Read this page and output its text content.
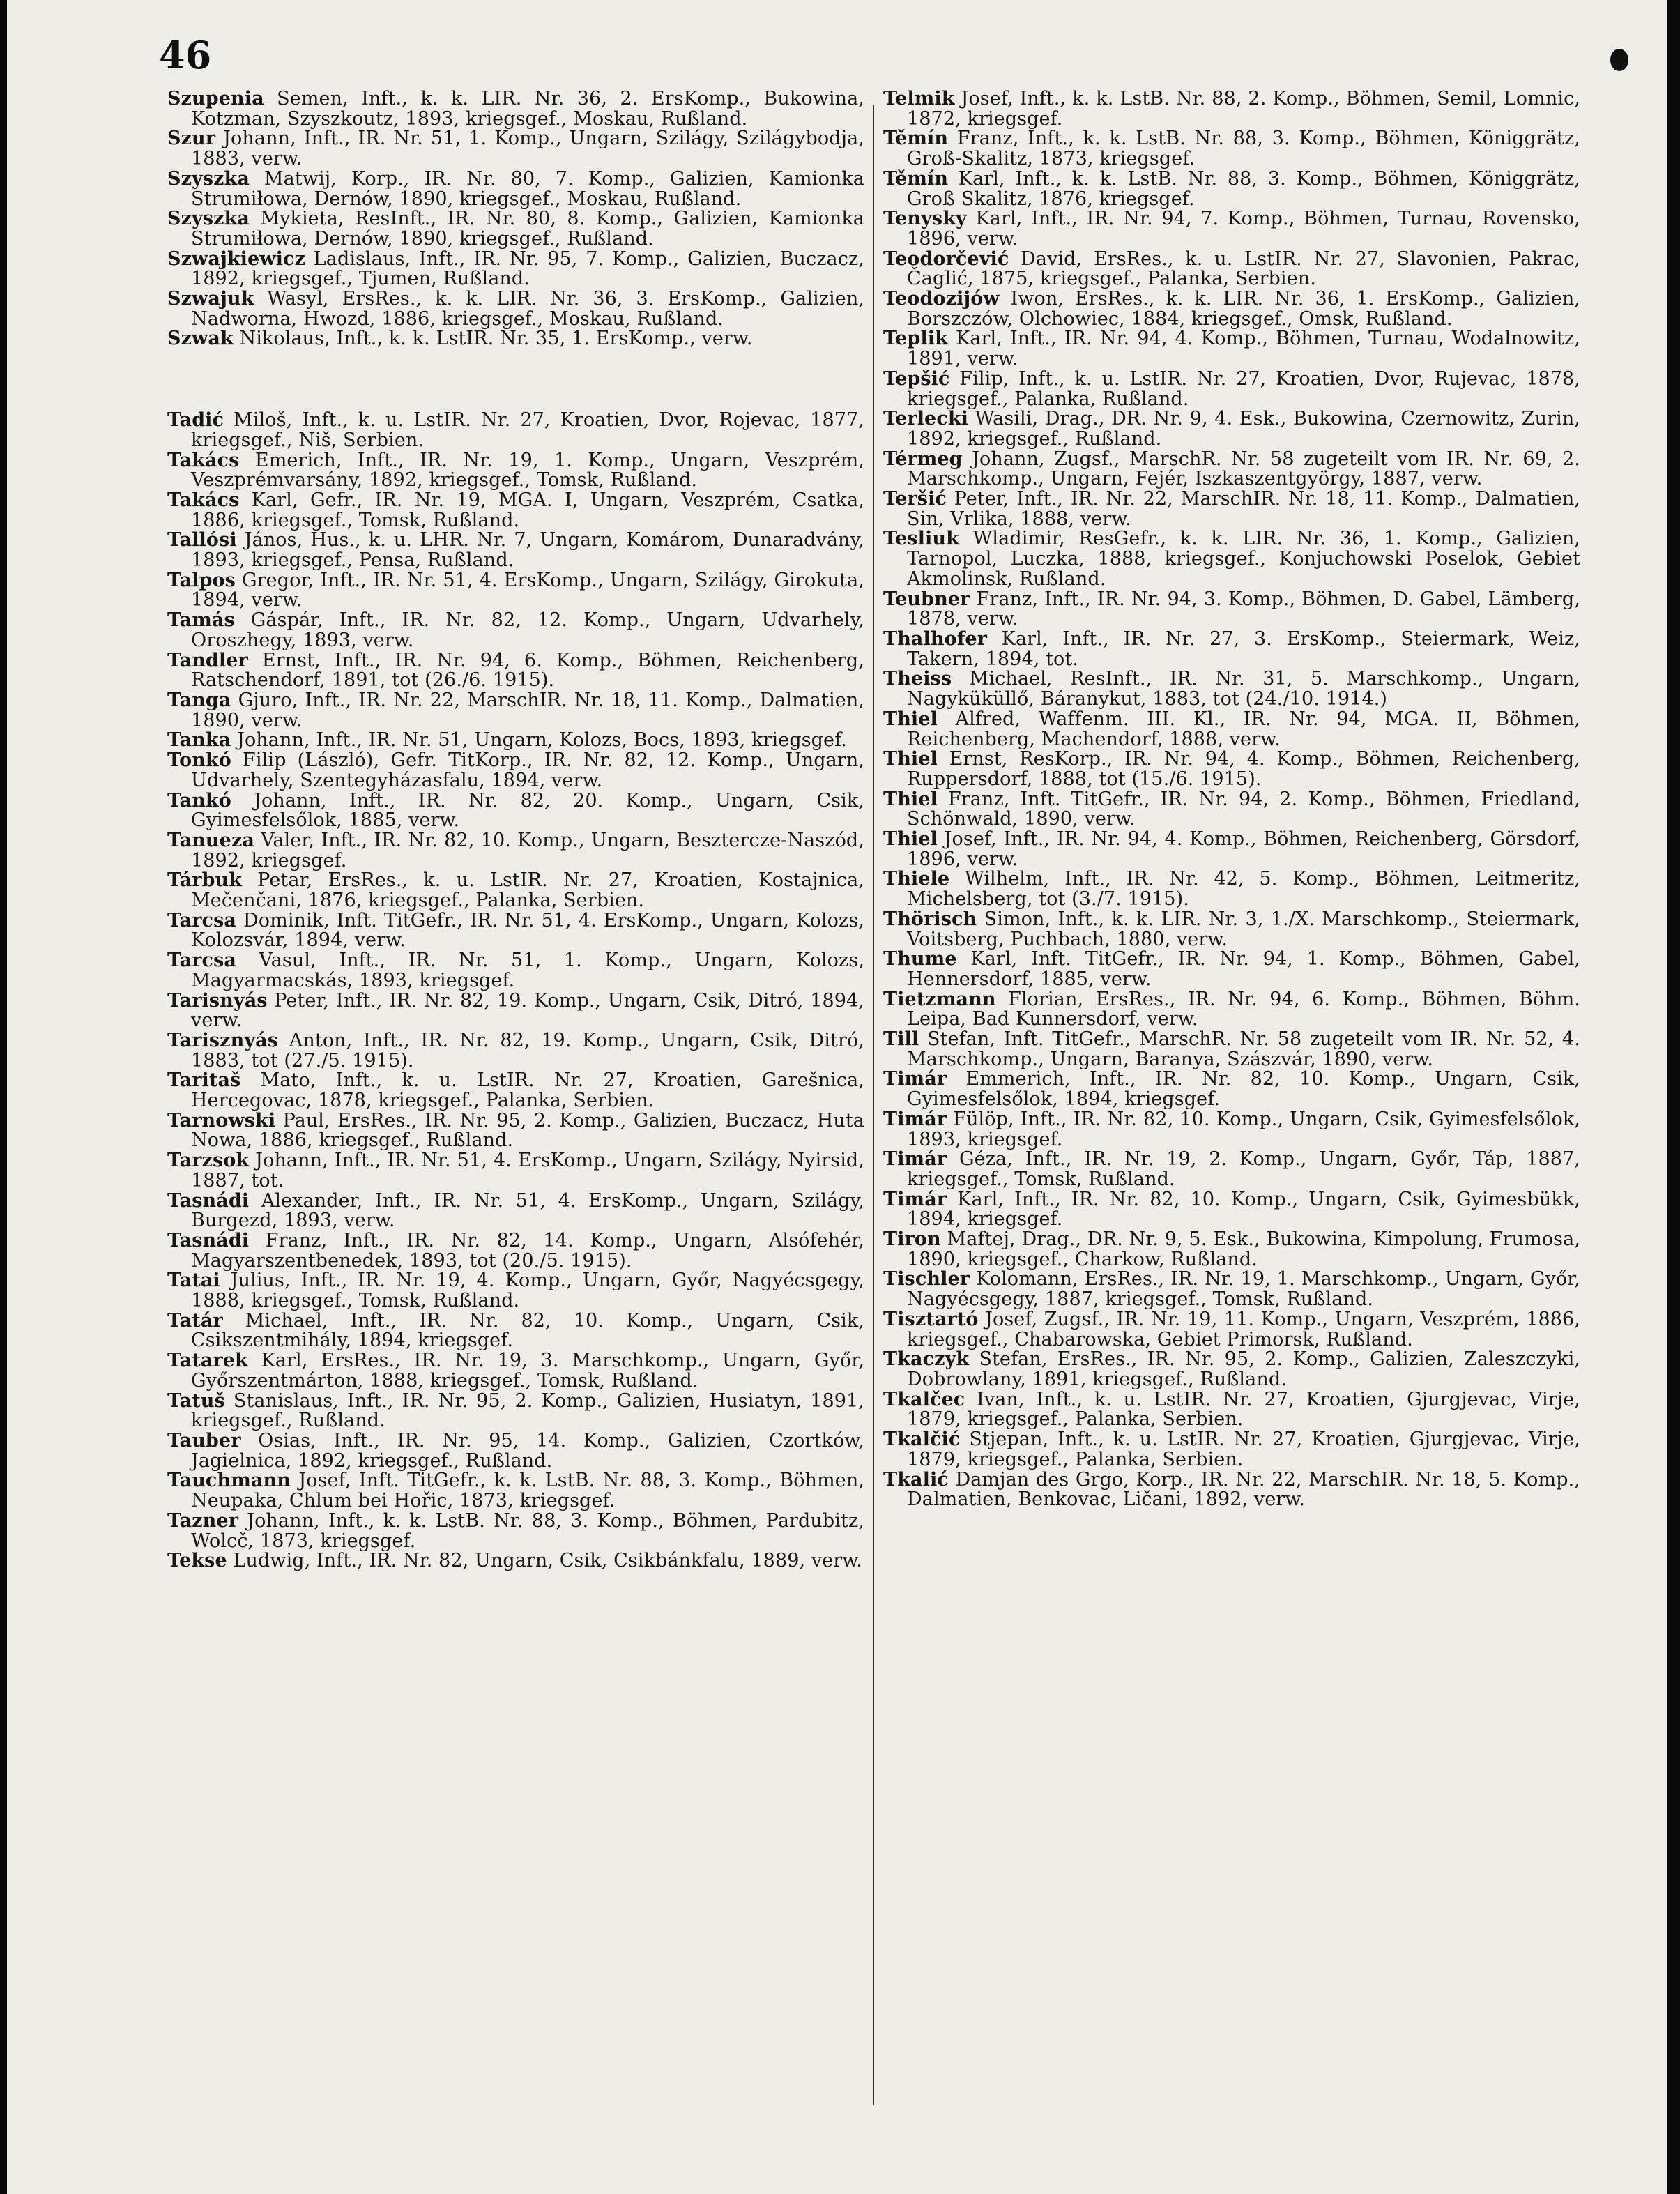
46

Szupenia Semen, Inft., k. k. LIR. Nr. 36, 2. ErsKomp., Bukowina, Kotzman, Szyszkoutz, 1893, kriegsgef., Moskau, Rußland.

Szur Johann, Inft., IR. Nr. 51, 1. Komp., Ungarn, Szilágy, Szilágybodja, 1883, verw.

Szyszka Matwij, Korp., IR. Nr. 80, 7. Komp., Galizien, Kamionka Strumiłowa, Dernów, 1890, kriegsgef., Moskau, Rußland.

Szyszka Mykieta, ResInft., IR. Nr. 80, 8. Komp., Galizien, Kamionka Strumiłowa, Dernów, 1890, kriegsgef., Rußland.

Szwajkiewicz Ladislaus, Inft., IR. Nr. 95, 7. Komp., Galizien, Buczacz, 1892, kriegsgef., Tjumen, Rußland.

Szwajuk Wasyl, ErsRes., k. k. LIR. Nr. 36, 3. ErsKomp., Galizien, Nadworna, Hwozd, 1886, kriegsgef., Moskau, Rußland.

Szwak Nikolaus, Inft., k. k. LstIR. Nr. 35, 1. ErsKomp., verw.

Tadić Miloš, Inft., k. u. LstIR. Nr. 27, Kroatien, Dvor, Rojevac, 1877, kriegsgef., Niš, Serbien.

Takács Emerich, Inft., IR. Nr. 19, 1. Komp., Ungarn, Veszprém, Veszprémvarsány, 1892, kriegsgef., Tomsk, Rußland.

Takács Karl, Gefr., IR. Nr. 19, MGA. I, Ungarn, Veszprém, Csatka, 1886, kriegsgef., Tomsk, Rußland.

Tallósi János, Hus., k. u. LHR. Nr. 7, Ungarn, Komárom, Dunaradvány, 1893, kriegsgef., Pensa, Rußland.

Talpos Gregor, Inft., IR. Nr. 51, 4. ErsKomp., Ungarn, Szilágy, Girokuta, 1894, verw.

Tamás Gáspár, Inft., IR. Nr. 82, 12. Komp., Ungarn, Udvarhely, Oroszhegy, 1893, verw.

Tandler Ernst, Inft., IR. Nr. 94, 6. Komp., Böhmen, Reichenberg, Ratschendorf, 1891, tot (26./6. 1915).

Tanga Gjuro, Inft., IR. Nr. 22, MarschIR. Nr. 18, 11. Komp., Dalmatien, 1890, verw.

Tanka Johann, Inft., IR. Nr. 51, Ungarn, Kolozs, Bocs, 1893, kriegsgef.

Tonkó Filip (László), Gefr. TitKorp., IR. Nr. 82, 12. Komp., Ungarn, Udvarhely, Szentegyházasfalu, 1894, verw.

Tankó Johann, Inft., IR. Nr. 82, 20. Komp., Ungarn, Csik, Gyimesfelsőlok, 1885, verw.

Tanueza Valer, Inft., IR. Nr. 82, 10. Komp., Ungarn, Besztercze-Naszód, 1892, kriegsgef.

Tárbuk Petar, ErsRes., k. u. LstIR. Nr. 27, Kroatien, Kostajnica, Mečenčani, 1876, kriegsgef., Palanka, Serbien.

Tarcsa Dominik, Inft. TitGefr., IR. Nr. 51, 4. ErsKomp., Ungarn, Kolozs, Kolozsvár, 1894, verw.

Tarcsa Vasul, Inft., IR. Nr. 51, 1. Komp., Ungarn, Kolozs, Magyarmacskás, 1893, kriegsgef.

Tarisnyás Peter, Inft., IR. Nr. 82, 19. Komp., Ungarn, Csik, Ditró, 1894, verw.

Tarisznyás Anton, Inft., IR. Nr. 82, 19. Komp., Ungarn, Csik, Ditró, 1883, tot (27./5. 1915).

Taritaš Mato, Inft., k. u. LstIR. Nr. 27, Kroatien, Garešnica, Hercegovac, 1878, kriegsgef., Palanka, Serbien.

Tarnowski Paul, ErsRes., IR. Nr. 95, 2. Komp., Galizien, Buczacz, Huta Nowa, 1886, kriegsgef., Rußland.

Tarzsok Johann, Inft., IR. Nr. 51, 4. ErsKomp., Ungarn, Szilágy, Nyirsid, 1887, tot.

Tasnádi Alexander, Inft., IR. Nr. 51, 4. ErsKomp., Ungarn, Szilágy, Burgezd, 1893, verw.

Tasnádi Franz, Inft., IR. Nr. 82, 14. Komp., Ungarn, Alsófehér, Magyarszentbenedek, 1893, tot (20./5. 1915).

Tatai Julius, Inft., IR. Nr. 19, 4. Komp., Ungarn, Győr, Nagyécsgegy, 1888, kriegsgef., Tomsk, Rußland.

Tatár Michael, Inft., IR. Nr. 82, 10. Komp., Ungarn, Csik, Csikszentmihály, 1894, kriegsgef.

Tatarek Karl, ErsRes., IR. Nr. 19, 3. Marschkomp., Ungarn, Győr, Győrszentmárton, 1888, kriegsgef., Tomsk, Rußland.

Tatuš Stanislaus, Inft., IR. Nr. 95, 2. Komp., Galizien, Husiatyn, 1891, kriegsgef., Rußland.

Tauber Osias, Inft., IR. Nr. 95, 14. Komp., Galizien, Czortków, Jagielnica, 1892, kriegsgef., Rußland.

Tauchmann Josef, Inft. TitGefr., k. k. LstB. Nr. 88, 3. Komp., Böhmen, Neupaka, Chlum bei Hořic, 1873, kriegsgef.

Tazner Johann, Inft., k. k. LstB. Nr. 88, 3. Komp., Böhmen, Pardubitz, Wolcč, 1873, kriegsgef.

Tekse Ludwig, Inft., IR. Nr. 82, Ungarn, Csik, Csikbánkfalu, 1889, verw.

Telmik Josef, Inft., k. k. LstB. Nr. 88, 2. Komp., Böhmen, Semil, Lomnic, 1872, kriegsgef.

Těmín Franz, Inft., k. k. LstB. Nr. 88, 3. Komp., Böhmen, Königgrätz, Groß-Skalitz, 1873, kriegsgef.

Těmín Karl, Inft., k. k. LstB. Nr. 88, 3. Komp., Böhmen, Königgrätz, Groß Skalitz, 1876, kriegsgef.

Tenysky Karl, Inft., IR. Nr. 94, 7. Komp., Böhmen, Turnau, Rovensko, 1896, verw.

Teodorčević David, ErsRes., k. u. LstIR. Nr. 27, Slavonien, Pakrac, Čaglić, 1875, kriegsgef., Palanka, Serbien.

Teodozijów Iwon, ErsRes., k. k. LIR. Nr. 36, 1. ErsKomp., Galizien, Borszczów, Olchowiec, 1884, kriegsgef., Omsk, Rußland.

Teplik Karl, Inft., IR. Nr. 94, 4. Komp., Böhmen, Turnau, Wodalnowitz, 1891, verw.

Tepšić Filip, Inft., k. u. LstIR. Nr. 27, Kroatien, Dvor, Rujevac, 1878, kriegsgef., Palanka, Rußland.

Terlecki Wasili, Drag., DR. Nr. 9, 4. Esk., Bukowina, Czernowitz, Zurin, 1892, kriegsgef., Rußland.

Térmeg Johann, Zugsf., MarschR. Nr. 58 zugeteilt vom IR. Nr. 69, 2. Marschkomp., Ungarn, Fejér, Iszkaszentgyörgy, 1887, verw.

Teršić Peter, Inft., IR. Nr. 22, MarschIR. Nr. 18, 11. Komp., Dalmatien, Sin, Vrlika, 1888, verw.

Tesliuk Wladimir, ResGefr., k. k. LIR. Nr. 36, 1. Komp., Galizien, Tarnopol, Luczka, 1888, kriegsgef., Konjuchowski Poselok, Gebiet Akmolinsk, Rußland.

Teubner Franz, Inft., IR. Nr. 94, 3. Komp., Böhmen, D. Gabel, Lämberg, 1878, verw.

Thalhofer Karl, Inft., IR. Nr. 27, 3. ErsKomp., Steiermark, Weiz, Takern, 1894, tot.

Theiss Michael, ResInft., IR. Nr. 31, 5. Marschkomp., Ungarn, Nagyküküllő, Báranykut, 1883, tot (24./10. 1914.)

Thiel Alfred, Waffenm. III. Kl., IR. Nr. 94, MGA. II, Böhmen, Reichenberg, Machendorf, 1888, verw.

Thiel Ernst, ResKorp., IR. Nr. 94, 4. Komp., Böhmen, Reichenberg, Ruppersdorf, 1888, tot (15./6. 1915).

Thiel Franz, Inft. TitGefr., IR. Nr. 94, 2. Komp., Böhmen, Friedland, Schönwald, 1890, verw.

Thiel Josef, Inft., IR. Nr. 94, 4. Komp., Böhmen, Reichenberg, Görsdorf, 1896, verw.

Thiele Wilhelm, Inft., IR. Nr. 42, 5. Komp., Böhmen, Leitmeritz, Michelsberg, tot (3./7. 1915).

Thörisch Simon, Inft., k. k. LIR. Nr. 3, 1./X. Marschkomp., Steiermark, Voitsberg, Puchbach, 1880, verw.

Thume Karl, Inft. TitGefr., IR. Nr. 94, 1. Komp., Böhmen, Gabel, Hennersdorf, 1885, verw.

Tietzmann Florian, ErsRes., IR. Nr. 94, 6. Komp., Böhmen, Böhm. Leipa, Bad Kunnersdorf, verw.

Till Stefan, Inft. TitGefr., MarschR. Nr. 58 zugeteilt vom IR. Nr. 52, 4. Marschkomp., Ungarn, Baranya, Szászvár, 1890, verw.

Timár Emmerich, Inft., IR. Nr. 82, 10. Komp., Ungarn, Csik, Gyimesfelsőlok, 1894, kriegsgef.

Timár Fülöp, Inft., IR. Nr. 82, 10. Komp., Ungarn, Csik, Gyimesfelsőlok, 1893, kriegsgef.

Timár Géza, Inft., IR. Nr. 19, 2. Komp., Ungarn, Győr, Táp, 1887, kriegsgef., Tomsk, Rußland.

Timár Karl, Inft., IR. Nr. 82, 10. Komp., Ungarn, Csik, Gyimesbükk, 1894, kriegsgef.

Tiron Maftej, Drag., DR. Nr. 9, 5. Esk., Bukowina, Kimpolung, Frumosa, 1890, kriegsgef., Charkow, Rußland.

Tischler Kolomann, ErsRes., IR. Nr. 19, 1. Marschkomp., Ungarn, Győr, Nagyécsgegy, 1887, kriegsgef., Tomsk, Rußland.

Tisztartó Josef, Zugsf., IR. Nr. 19, 11. Komp., Ungarn, Veszprém, 1886, kriegsgef., Chabarowska, Gebiet Primorsk, Rußland.

Tkaczyk Stefan, ErsRes., IR. Nr. 95, 2. Komp., Galizien, Zaleszczyki, Dobrowlany, 1891, kriegsgef., Rußland.

Tkalčec Ivan, Inft., k. u. LstIR. Nr. 27, Kroatien, Gjurgjevac, Virje, 1879, kriegsgef., Palanka, Serbien.

Tkalčić Stjepan, Inft., k. u. LstIR. Nr. 27, Kroatien, Gjurgjevac, Virje, 1879, kriegsgef., Palanka, Serbien.

Tkalić Damjan des Grgo, Korp., IR. Nr. 22, MarschIR. Nr. 18, 5. Komp., Dalmatien, Benkovac, Ličani, 1892, verw.
